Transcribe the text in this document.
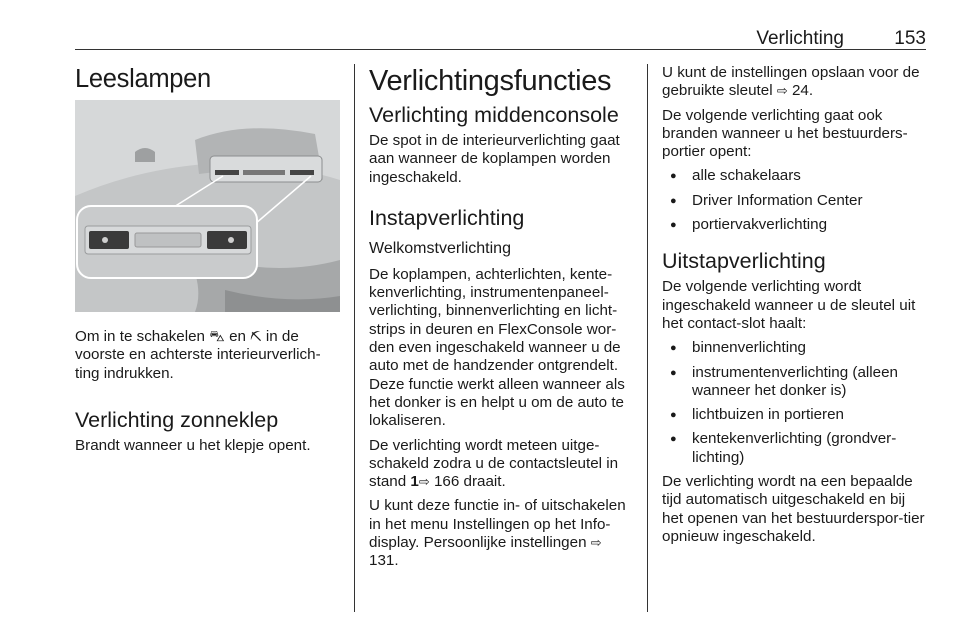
Verlichting	153
Leeslampen
Om in te schakelen ⛍ en ⛏ in de voorste en achterste interieurverlich-ting indrukken.
Verlichting zonneklep
Brandt wanneer u het klepje opent.
Verlichtingsfuncties
Verlichting middenconsole
De spot in de interieurverlichting gaat aan wanneer de koplampen worden ingeschakeld.
Instapverlichting
Welkomstverlichting
De koplampen, achterlichten, kente-kenverlichting, instrumentenpaneel-verlichting, binnenverlichting en licht-strips in deuren en FlexConsole wor-den even ingeschakeld wanneer u de auto met de handzender ontgrendelt. Deze functie werkt alleen wanneer als het donker is en helpt u om de auto te lokaliseren.
De verlichting wordt meteen uitge-schakeld zodra u de contactsleutel in stand 1⇨ 166 draait.
U kunt deze functie in- of uitschakelen in het menu Instellingen op het Info-display. Persoonlijke instellingen ⇨ 131.
U kunt de instellingen opslaan voor de gebruikte sleutel ⇨ 24.
De volgende verlichting gaat ook branden wanneer u het bestuurders-portier opent:
● alle schakelaars
● Driver Information Center
● portiervakverlichting
Uitstapverlichting
De volgende verlichting wordt ingeschakeld wanneer u de sleutel uit het contact-slot haalt:
● binnenverlichting
● instrumentenverlichting (alleen wanneer het donker is)
● lichtbuizen in portieren
● kentekenverlichting (grondver-lichting)
De verlichting wordt na een bepaalde tijd automatisch uitgeschakeld en bij het openen van het bestuurderspor-tier opnieuw ingeschakeld.
